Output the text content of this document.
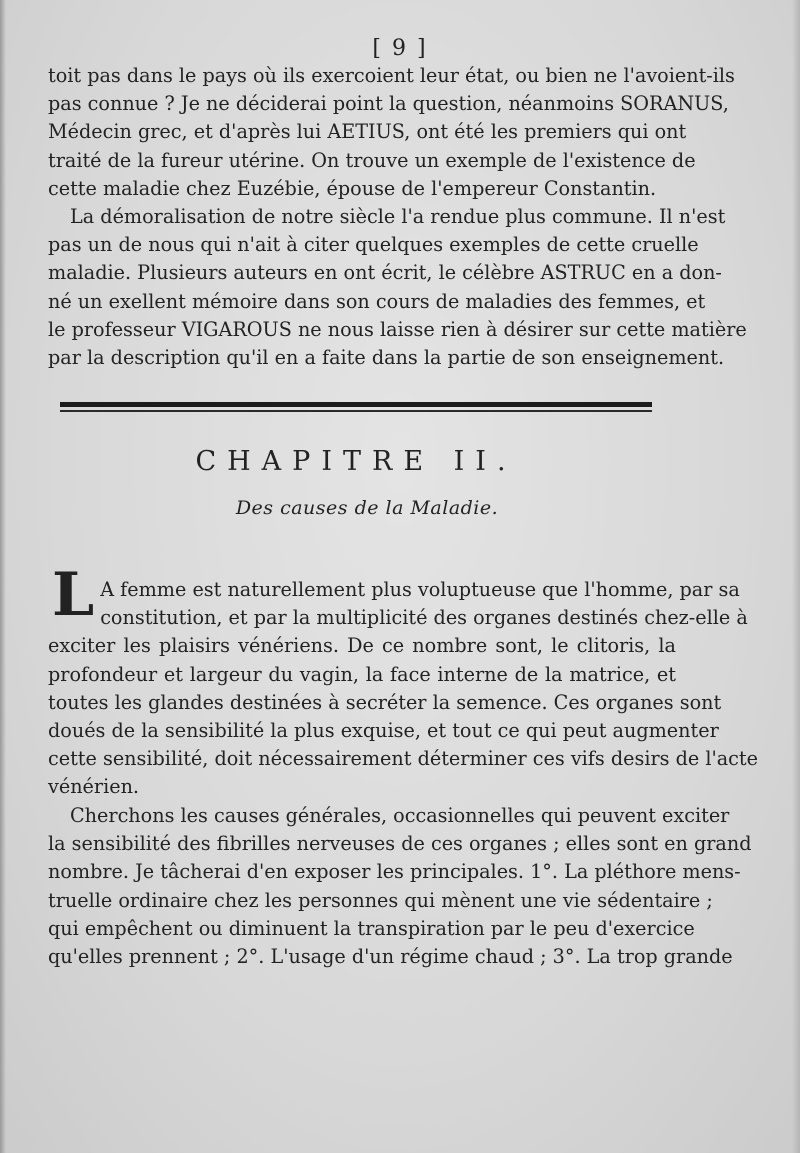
[ 9 ]
toit pas dans le pays où ils exercoient leur état, ou bien ne l'avoient-ils
pas connue ? Je ne déciderai point la question, néanmoins SORANUS,
Médecin grec, et d'après lui AETIUS, ont été les premiers qui ont
traité de la fureur utérine. On trouve un exemple de l'existence de
cette maladie chez Euzébie, épouse de l'empereur Constantin.
La démoralisation de notre siècle l'a rendue plus commune. Il n'est
pas un de nous qui n'ait à citer quelques exemples de cette cruelle
maladie. Plusieurs auteurs en ont écrit, le célèbre ASTRUC en a don-
né un exellent mémoire dans son cours de maladies des femmes, et
le professeur VIGAROUS ne nous laisse rien à désirer sur cette matière
par la description qu'il en a faite dans la partie de son enseignement.
CHAPITRE II.
Des causes de la Maladie.
L A femme est naturellement plus voluptueuse que l'homme, par sa
constitution, et par la multiplicité des organes destinés chez-elle à
exciter les plaisirs vénériens. De ce nombre sont, le clitoris, la
profondeur et largeur du vagin, la face interne de la matrice, et
toutes les glandes destinées à secréter la semence. Ces organes sont
doués de la sensibilité la plus exquise, et tout ce qui peut augmenter
cette sensibilité, doit nécessairement déterminer ces vifs desirs de l'acte
vénérien.
Cherchons les causes générales, occasionnelles qui peuvent exciter
la sensibilité des fibrilles nerveuses de ces organes ; elles sont en grand
nombre. Je tâcherai d'en exposer les principales. 1°. La pléthore mens-
truelle ordinaire chez les personnes qui mènent une vie sédentaire ;
qui empêchent ou diminuent la transpiration par le peu d'exercice
qu'elles prennent ; 2°. L'usage d'un régime chaud ; 3°. La trop grande
